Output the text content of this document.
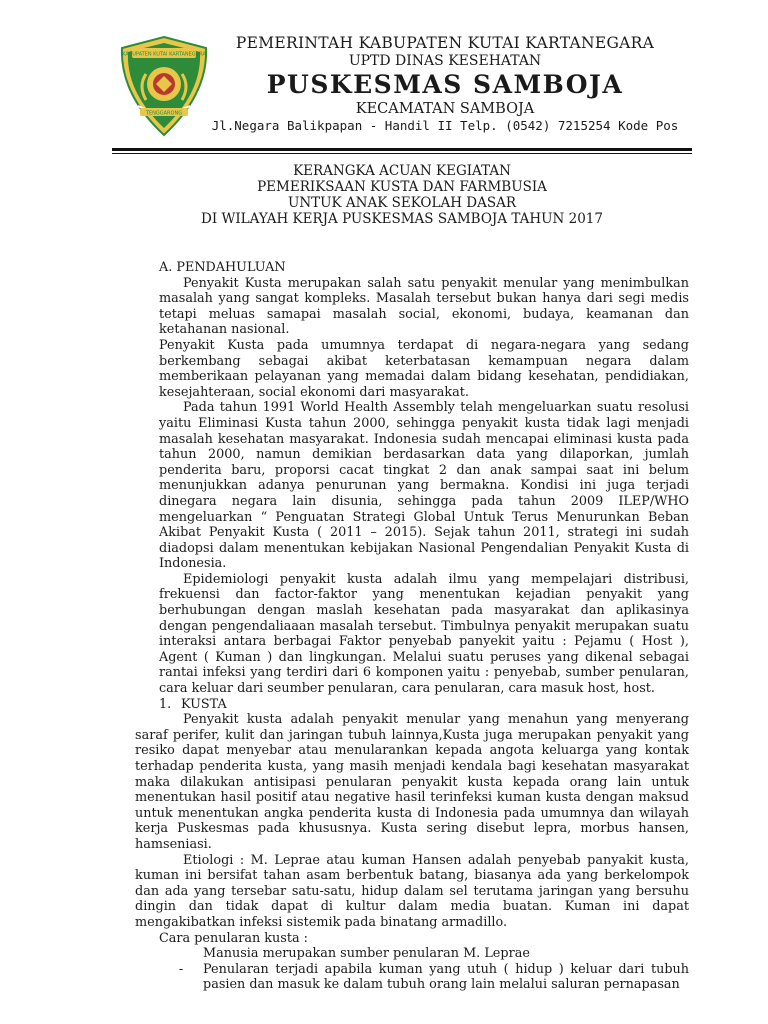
KABUPATEN KUTAI KARTANEGARA
TENGGARONG
PEMERINTAH KABUPATEN KUTAI KARTANEGARA
UPTD DINAS KESEHATAN
PUSKESMAS SAMBOJA
KECAMATAN SAMBOJA
Jl.Negara Balikpapan - Handil II Telp. (0542) 7215254 Kode Pos
KERANGKA ACUAN KEGIATAN
PEMERIKSAAN KUSTA DAN FARMBUSIA
UNTUK ANAK SEKOLAH DASAR
DI WILAYAH KERJA PUSKESMAS SAMBOJA TAHUN 2017

A. PENDAHULUAN

Penyakit Kusta merupakan salah satu penyakit menular yang menimbulkan masalah yang sangat kompleks. Masalah tersebut bukan hanya dari segi medis tetapi meluas samapai masalah social, ekonomi, budaya, keamanan dan ketahanan nasional.

Penyakit Kusta pada umumnya terdapat di negara-negara yang sedang berkembang sebagai akibat keterbatasan kemampuan negara dalam memberikaan pelayanan yang memadai dalam bidang kesehatan, pendidiakan, kesejahteraan, social ekonomi dari masyarakat.

Pada tahun 1991 World Health Assembly telah mengeluarkan suatu resolusi yaitu Eliminasi Kusta tahun 2000, sehingga penyakit kusta tidak lagi menjadi masalah kesehatan masyarakat. Indonesia sudah mencapai eliminasi kusta pada tahun 2000, namun demikian berdasarkan data yang dilaporkan, jumlah penderita baru, proporsi cacat tingkat 2 dan anak sampai saat ini belum menunjukkan adanya penurunan yang bermakna. Kondisi ini juga terjadi dinegara negara lain disunia, sehingga pada tahun 2009 ILEP/WHO mengeluarkan “ Penguatan Strategi Global Untuk Terus Menurunkan Beban Akibat Penyakit Kusta ( 2011 – 2015). Sejak tahun 2011, strategi ini sudah diadopsi dalam menentukan kebijakan Nasional Pengendalian Penyakit Kusta di Indonesia.

Epidemiologi penyakit kusta adalah ilmu yang mempelajari distribusi, frekuensi dan factor-faktor yang menentukan kejadian penyakit yang berhubungan dengan maslah kesehatan pada masyarakat dan aplikasinya dengan pengendaliaaan masalah tersebut. Timbulnya penyakit merupakan suatu interaksi antara berbagai Faktor penyebab panyekit yaitu : Pejamu ( Host ), Agent ( Kuman ) dan lingkungan. Melalui suatu peruses yang dikenal sebagai rantai infeksi yang terdiri dari 6 komponen yaitu : penyebab, sumber penularan, cara keluar dari seumber penularan, cara penularan, cara masuk host, host.

1. KUSTA

Penyakit kusta adalah penyakit menular yang menahun yang menyerang saraf perifer, kulit dan jaringan tubuh lainnya,Kusta juga merupakan penyakit yang resiko dapat menyebar atau menularankan kepada angota keluarga yang kontak terhadap penderita kusta, yang masih menjadi kendala bagi kesehatan masyarakat maka dilakukan antisipasi penularan penyakit kusta kepada orang lain untuk menentukan hasil positif atau negative hasil terinfeksi kuman kusta dengan maksud untuk menentukan angka penderita kusta di Indonesia pada umumnya dan wilayah kerja Puskesmas pada khususnya. Kusta sering disebut lepra, morbus hansen, hamseniasi.

Etiologi : M. Leprae atau kuman Hansen adalah penyebab panyakit kusta, kuman ini bersifat tahan asam berbentuk batang, biasanya ada yang berkelompok dan ada yang tersebar satu-satu, hidup dalam sel terutama jaringan yang bersuhu dingin dan tidak dapat di kultur dalam media buatan. Kuman ini dapat mengakibatkan infeksi sistemik pada binatang armadillo.

Cara penularan kusta :

Manusia merupakan sumber penularan M. Leprae
-	Penularan terjadi apabila kuman yang utuh ( hidup ) keluar dari tubuh pasien dan masuk ke dalam tubuh orang lain melalui saluran pernapasan
